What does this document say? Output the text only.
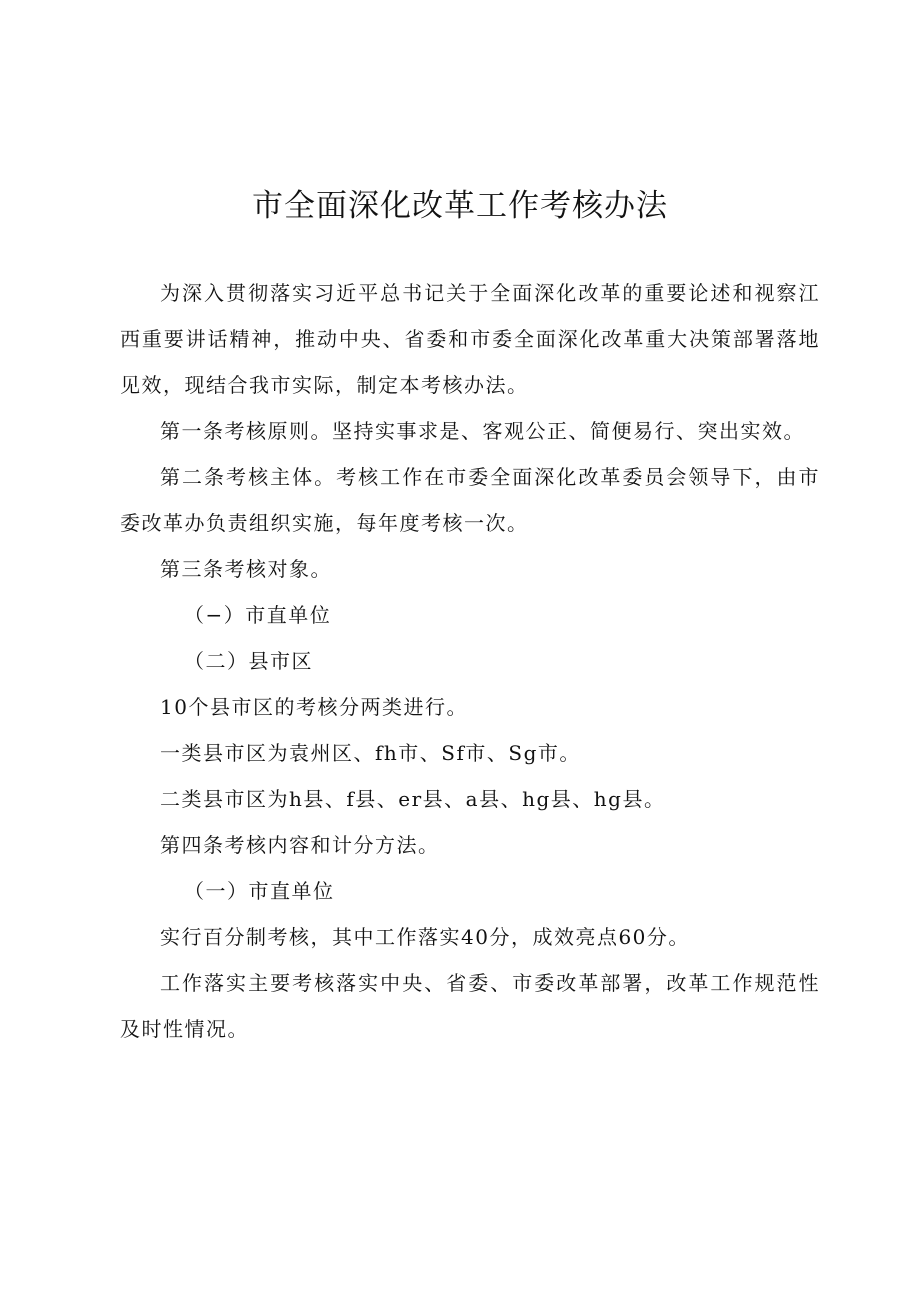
市全面深化改革工作考核办法

为深入贯彻落实习近平总书记关于全面深化改革的重要论述和视察江西重要讲话精神，推动中央、省委和市委全面深化改革重大决策部署落地见效，现结合我市实际，制定本考核办法。

第一条考核原则。坚持实事求是、客观公正、简便易行、突出实效。

第二条考核主体。考核工作在市委全面深化改革委员会领导下，由市委改革办负责组织实施，每年度考核一次。

第三条考核对象。

（−）市直单位

（二）县市区

10个县市区的考核分两类进行。

一类县市区为袁州区、fh市、Sf市、Sg市。

二类县市区为h县、f县、er县、a县、hg县、hg县。

第四条考核内容和计分方法。

（一）市直单位

实行百分制考核，其中工作落实40分，成效亮点60分。

工作落实主要考核落实中央、省委、市委改革部署，改革工作规范性及时性情况。
